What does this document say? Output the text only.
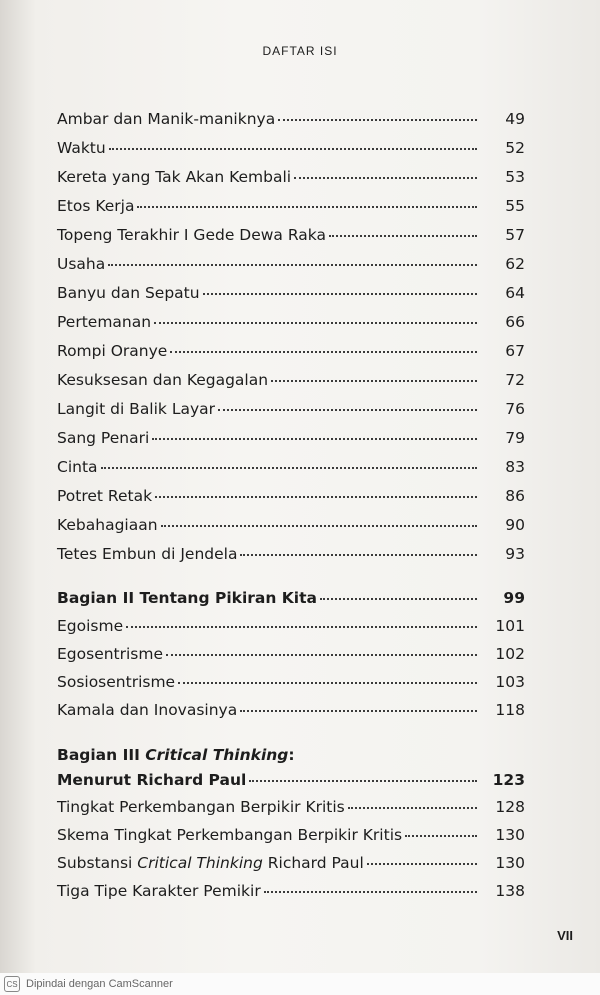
DAFTAR ISI
Ambar dan Manik-maniknya	49
Waktu	52
Kereta yang Tak Akan Kembali	53
Etos Kerja	55
Topeng Terakhir I Gede Dewa Raka	57
Usaha	62
Banyu dan Sepatu	64
Pertemanan	66
Rompi Oranye	67
Kesuksesan dan Kegagalan	72
Langit di Balik Layar	76
Sang Penari	79
Cinta	83
Potret Retak	86
Kebahagiaan	90
Tetes Embun di Jendela	93
Bagian II Tentang Pikiran Kita	99
Egoisme	101
Egosentrisme	102
Sosiosentrisme	103
Kamala dan Inovasinya	118
Bagian III Critical Thinking:
Menurut Richard Paul	123
Tingkat Perkembangan Berpikir Kritis	128
Skema Tingkat Perkembangan Berpikir Kritis	130
Substansi Critical Thinking Richard Paul	130
Tiga Tipe Karakter Pemikir	138
VII
CS Dipindai dengan CamScanner
